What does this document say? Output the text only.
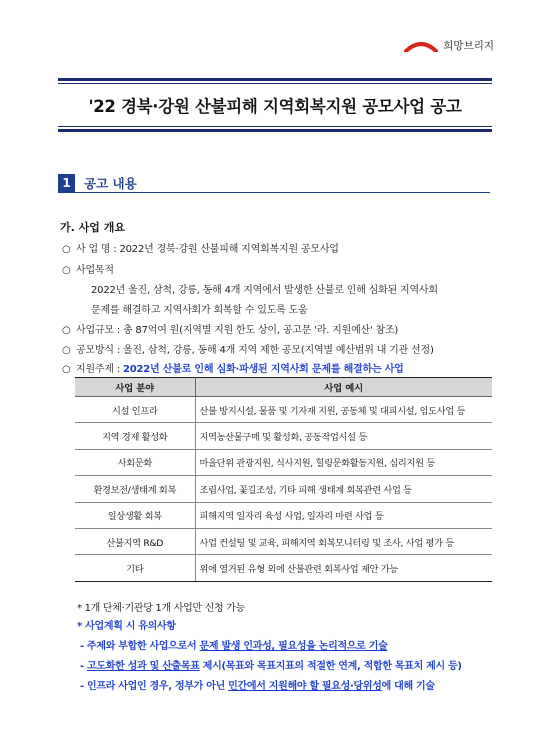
희망브리지
'22 경북·강원 산불피해 지역회복지원 공모사업 공고
1	공고 내용
가. 사업 개요
○ 사 업 명 : 2022년 경북·강원 산불피해 지역회복지원 공모사업
○ 사업목적
2022년 울진, 삼척, 강릉, 동해 4개 지역에서 발생한 산불로 인해 심화된 지역사회
문제를 해결하고 지역사회가 회복할 수 있도록 도움
○ 사업규모 : 총 87억여 원(지역별 지원 한도 상이, 공고문 '라. 지원예산' 참조)
○ 공모방식 : 울진, 삼척, 강릉, 동해 4개 지역 제한 공모(지역별 예산범위 내 기관 선정)
○ 지원주제 : 2022년 산불로 인해 심화·파생된 지역사회 문제를 해결하는 사업
사업 분야	사업 예시
시설 인프라	산불 방지시설, 물품 및 기자재 지원, 공동체 및 대피시설, 임도사업 등
지역 경제 활성화	지역농산물구매 및 활성화, 공동작업시설 등
사회문화	마을단위 관광지원, 식사지원, 힐링문화활동지원, 심리지원 등
환경보전/생태계 회복	조림사업, 꽃길조성, 기타 피해 생태계 회복관련 사업 등
일상생활 회복	피해지역 일자리 육성 사업, 일자리 마련 사업 등
산불지역 R&D	사업 컨설팅 및 교육, 피해지역 회복모니터링 및 조사, 사업 평가 등
기타	위에 열거된 유형 외에 산불관련 회복사업 제안 가능
* 1개 단체·기관당 1개 사업만 신청 가능
* 사업계획 시 유의사항
- 주제와 부합한 사업으로서 문제 발생 인과성, 필요성을 논리적으로 기술
- 고도화한 성과 및 산출목표 제시(목표와 목표지표의 적절한 연계, 적합한 목표치 제시 등)
- 인프라 사업인 경우, 정부가 아닌 민간에서 지원해야 할 필요성·당위성에 대해 기술
